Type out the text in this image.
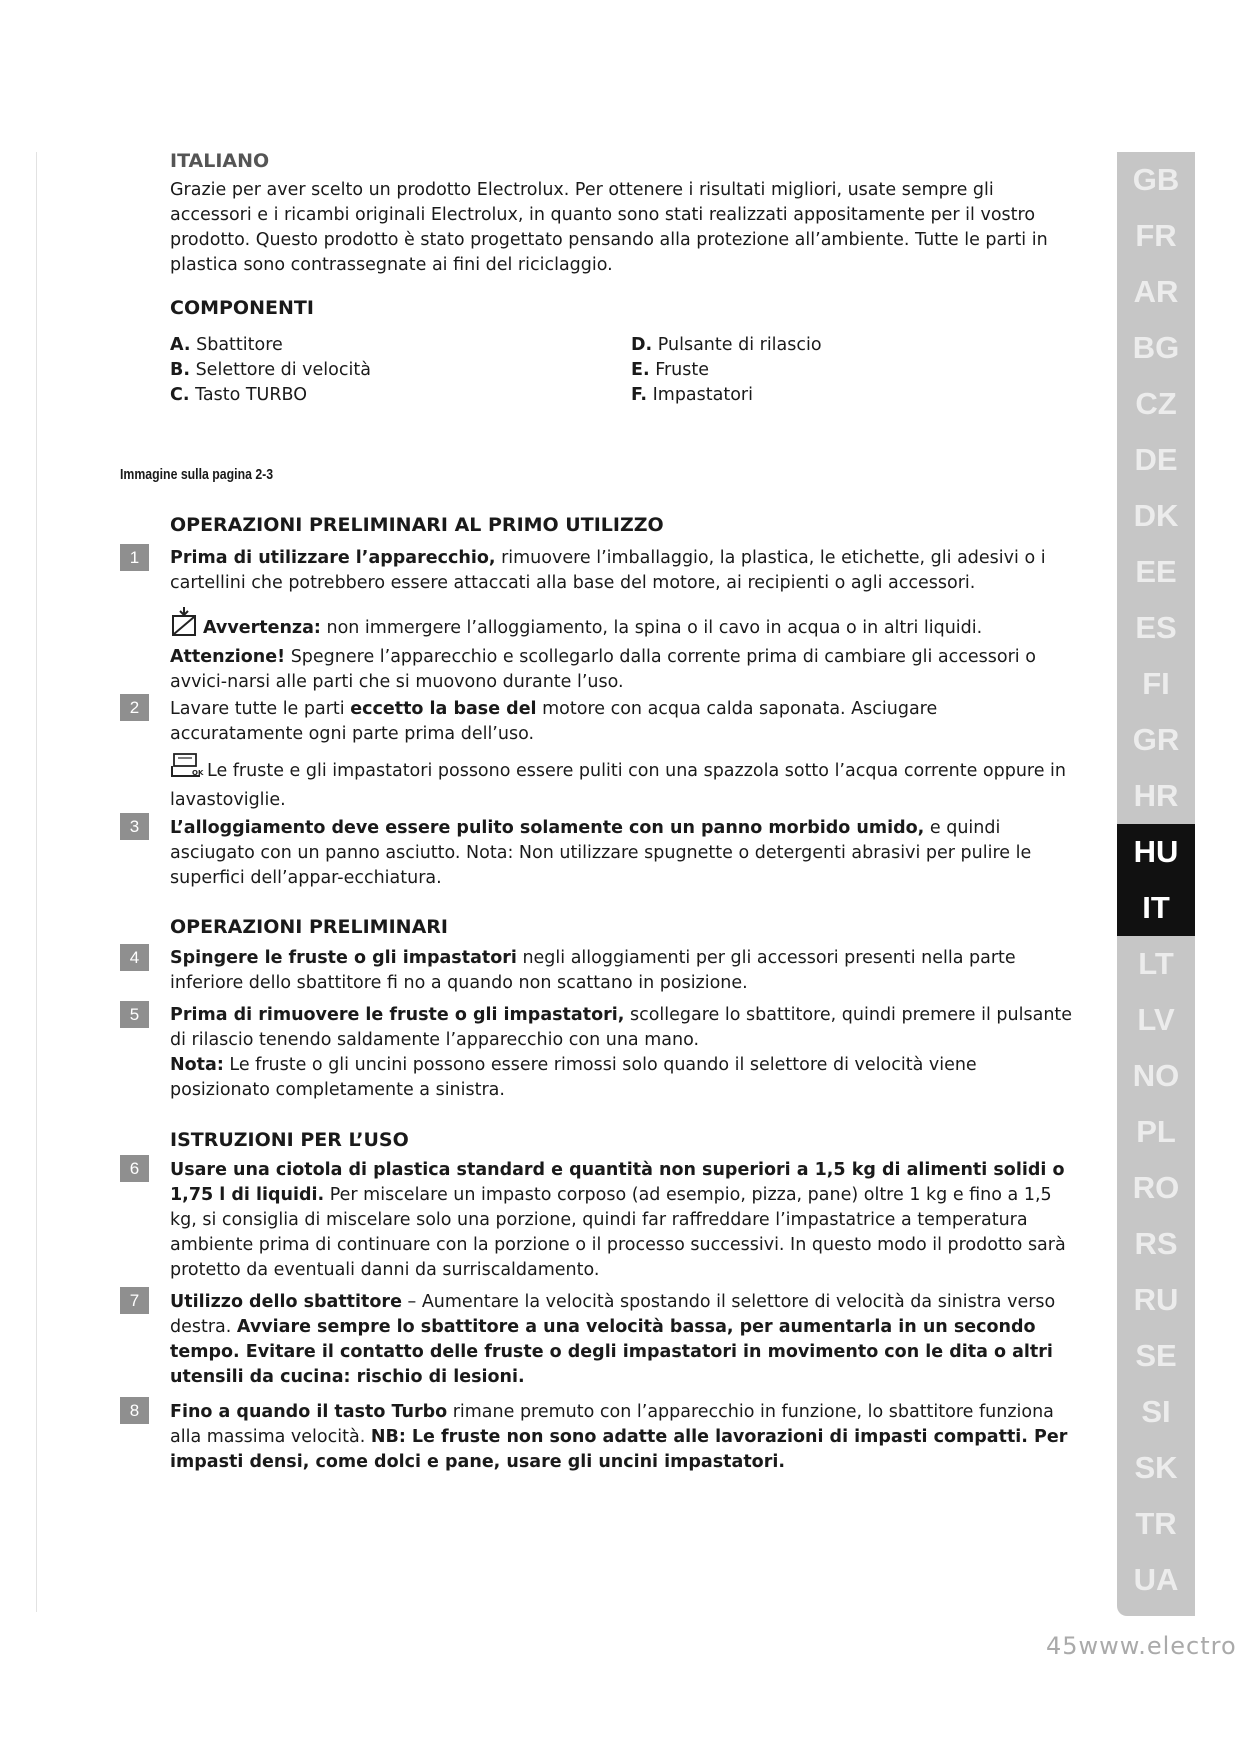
ITALIANO
Grazie per aver scelto un prodotto Electrolux. Per ottenere i risultati migliori, usate sempre gli accessori e i ricambi originali Electrolux, in quanto sono stati realizzati appositamente per il vostro prodotto. Questo prodotto è stato progettato pensando alla protezione all’ambiente. Tutte le parti in plastica sono contrassegnate ai fini del riciclaggio.
COMPONENTI
A. Sbattitore
B. Selettore di velocità
C. Tasto TURBO
D. Pulsante di rilascio
E. Fruste
F. Impastatori
Immagine sulla pagina 2-3
OPERAZIONI PRELIMINARI AL PRIMO UTILIZZO
1	Prima di utilizzare l’apparecchio, rimuovere l’imballaggio, la plastica, le etichette, gli adesivi o i cartellini che potrebbero essere attaccati alla base del motore, ai recipienti o agli accessori.
Avvertenza: non immergere l’alloggiamento, la spina o il cavo in acqua o in altri liquidi.
Attenzione! Spegnere l’apparecchio e scollegarlo dalla corrente prima di cambiare gli accessori o avvici-narsi alle parti che si muovono durante l’uso.
2	Lavare tutte le parti eccetto la base del motore con acqua calda saponata. Asciugare accuratamente ogni parte prima dell’uso.
OK Le fruste e gli impastatori possono essere puliti con una spazzola sotto l’acqua corrente oppure in lavastoviglie.
3	L’alloggiamento deve essere pulito solamente con un panno morbido umido, e quindi asciugato con un panno asciutto. Nota: Non utilizzare spugnette o detergenti abrasivi per pulire le superfici dell’appar-ecchiatura.
OPERAZIONI PRELIMINARI
4	Spingere le fruste o gli impastatori negli alloggiamenti per gli accessori presenti nella parte inferiore dello sbattitore fi no a quando non scattano in posizione.
5	Prima di rimuovere le fruste o gli impastatori, scollegare lo sbattitore, quindi premere il pulsante di rilascio tenendo saldamente l’apparecchio con una mano.
Nota: Le fruste o gli uncini possono essere rimossi solo quando il selettore di velocità viene posizionato completamente a sinistra.
ISTRUZIONI PER L’USO
6	Usare una ciotola di plastica standard e quantità non superiori a 1,5 kg di alimenti solidi o 1,75 l di liquidi. Per miscelare un impasto corposo (ad esempio, pizza, pane) oltre 1 kg e fino a 1,5 kg, si consiglia di miscelare solo una porzione, quindi far raffreddare l’impastatrice a temperatura ambiente prima di continuare con la porzione o il processo successivi. In questo modo il prodotto sarà protetto da eventuali danni da surriscaldamento.
7	Utilizzo dello sbattitore – Aumentare la velocità spostando il selettore di velocità da sinistra verso destra. Avviare sempre lo sbattitore a una velocità bassa, per aumentarla in un secondo tempo. Evitare il contatto delle fruste o degli impastatori in movimento con le dita o altri utensili da cucina: rischio di lesioni.
8	Fino a quando il tasto Turbo rimane premuto con l’apparecchio in funzione, lo sbattitore funziona alla massima velocità. NB: Le fruste non sono adatte alle lavorazioni di impasti compatti. Per impasti densi, come dolci e pane, usare gli uncini impastatori.
GB
FR
AR
BG
CZ
DE
DK
EE
ES
FI
GR
HR
HU
IT
LT
LV
NO
PL
RO
RS
RU
SE
SI
SK
TR
UA
45www.electro
